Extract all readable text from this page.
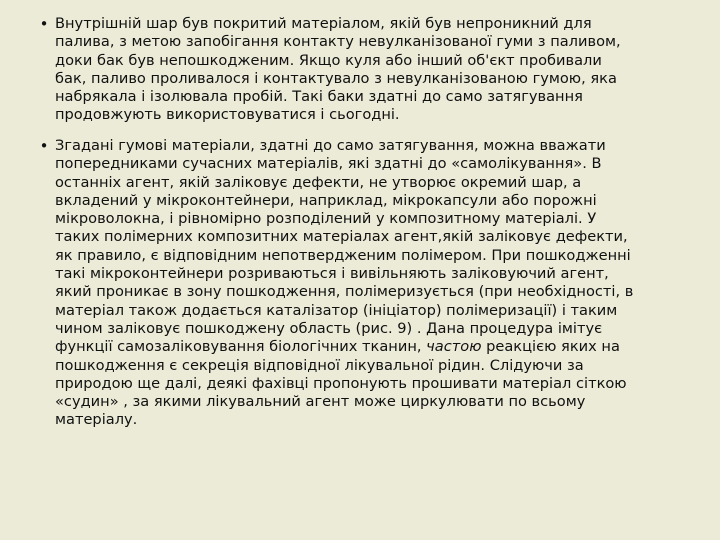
• Внутрішній шар був покритий матеріалом, якій був непроникний для
палива, з метою запобігання контакту невулканізованої гуми з паливом,
доки бак був непошкодженим. Якщо куля або інший об'єкт пробивали
бак, паливо проливалося і контактувало з невулканізованою гумою, яка
набрякала і ізолювала пробій. Такі баки здатні до само затягування
продовжують використовуватися і сьогодні.

• Згадані гумові матеріали, здатні до само затягування, можна вважати
попередниками сучасних матеріалів, які здатні до «самолікування». В
останніх агент, якій заліковує дефекти, не утворює окремий шар, а
вкладений у мікроконтейнери, наприклад, мікрокапсули або порожні
мікроволокна, і рівномірно розподілений у композитному матеріалі. У
таких полімерних композитних матеріалах агент,якій заліковує дефекти,
як правило, є відповідним непотвердженим полімером. При пошкодженні
такі мікроконтейнери розриваються і вивільняють заліковуючий агент,
який проникає в зону пошкодження, полімеризується (при необхідності, в
матеріал також додається каталізатор (ініціатор) полімеризації) і таким
чином заліковує пошкоджену область (рис. 9) . Дана процедура імітує
функції самозаліковування біологічних тканин, частою реакцією яких на
пошкодження є секреція відповідної лікувальної рідин. Слідуючи за
природою ще далі, деякі фахівці пропонують прошивати матеріал сіткою
«судин» , за якими лікувальний агент може циркулювати по всьому
матеріалу.
